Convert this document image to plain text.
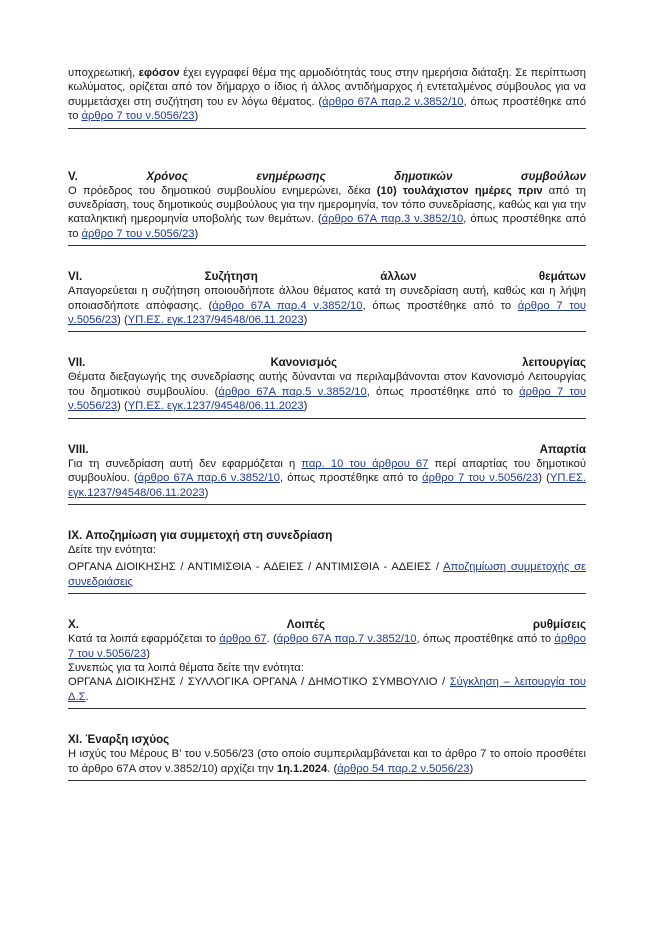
υποχρεωτική, εφόσον έχει εγγραφεί θέμα της αρμοδιότητάς τους στην ημερήσια διάταξη. Σε περίπτωση κωλύματος, ορίζεται από τον δήμαρχο ο ίδιος ή άλλος αντιδήμαρχος ή εντεταλμένος σύμβουλος για να συμμετάσχει στη συζήτηση του εν λόγω θέματος. (άρθρο 67Α παρ.2 ν.3852/10, όπως προστέθηκε από το άρθρο 7 του ν.5056/23)

V.	Χρόνος	ενημέρωσης	δημοτικών	συμβούλων

Ο πρόεδρος του δημοτικού συμβουλίου ενημερώνει, δέκα (10) τουλάχιστον ημέρες πριν από τη συνεδρίαση, τους δημοτικούς συμβούλους για την ημερομηνία, τον τόπο συνεδρίασης, καθώς και για την καταληκτική ημερομηνία υποβολής των θεμάτων. (άρθρο 67Α παρ.3 ν.3852/10, όπως προστέθηκε από το άρθρο 7 του ν.5056/23)

VI.	Συζήτηση	άλλων	θεμάτων

Απαγορεύεται η συζήτηση οποιουδήποτε άλλου θέματος κατά τη συνεδρίαση αυτή, καθώς και η λήψη οποιασδήποτε απόφασης. (άρθρο 67Α παρ.4 ν.3852/10, όπως προστέθηκε από το άρθρο 7 του ν.5056/23) (ΥΠ.ΕΣ. εγκ.1237/94548/06.11.2023)

VII.	Κανονισμός	λειτουργίας

Θέματα διεξαγωγής της συνεδρίασης αυτής δύνανται να περιλαμβάνονται στον Κανονισμό Λειτουργίας του δημοτικού συμβουλίου. (άρθρο 67Α παρ.5 ν.3852/10, όπως προστέθηκε από το άρθρο 7 του ν.5056/23) (ΥΠ.ΕΣ. εγκ.1237/94548/06.11.2023)

VIII.	Απαρτία

Για τη συνεδρίαση αυτή δεν εφαρμόζεται η παρ. 10 του άρθρου 67 περί απαρτίας του δημοτικού συμβουλίου. (άρθρο 67Α παρ.6 ν.3852/10, όπως προστέθηκε από το άρθρο 7 του ν.5056/23) (ΥΠ.ΕΣ. εγκ.1237/94548/06.11.2023)

IX. Αποζημίωση για συμμετοχή στη συνεδρίαση

Δείτε την ενότητα:

ΟΡΓΑΝΑ ΔΙΟΙΚΗΣΗΣ / ΑΝΤΙΜΙΣΘΙΑ - ΑΔΕΙΕΣ / ΑΝΤΙΜΙΣΘΙΑ - ΑΔΕΙΕΣ / Αποζημίωση συμμετοχής σε συνεδριάσεις

X.	Λοιπές	ρυθμίσεις

Κατά τα λοιπά εφαρμόζεται το άρθρο 67. (άρθρο 67Α παρ.7 ν.3852/10, όπως προστέθηκε από το άρθρο 7 του ν.5056/23)

Συνεπώς για τα λοιπά θέματα δείτε την ενότητα:

ΟΡΓΑΝΑ ΔΙΟΙΚΗΣΗΣ / ΣΥΛΛΟΓΙΚΑ ΟΡΓΑΝΑ / ΔΗΜΟΤΙΚΟ ΣΥΜΒΟΥΛΙΟ / Σύγκληση – λειτουργία του Δ.Σ.

XI. Έναρξη ισχύος

Η ισχύς του Μέρους Β’ του ν.5056/23 (στο οποίο συμπεριλαμβάνεται και το άρθρο 7 το οποίο προσθέτει το άρθρο 67Α στον ν.3852/10) αρχίζει την 1η.1.2024. (άρθρο 54 παρ.2 ν.5056/23)
